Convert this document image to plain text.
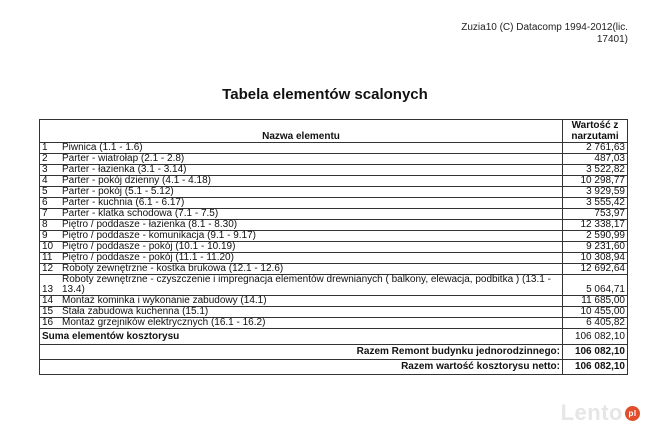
Zuzia10 (C) Datacomp 1994-2012(lic.
17401)
Tabela elementów scalonych
Nazwa elementu		Wartość z
narzutami

1	Piwnica (1.1 - 1.6)	2 761,63
2	Parter - wiatrołap (2.1 - 2.8)	487,03
3	Parter - łazienka (3.1 - 3.14)	3 522,82
4	Parter - pokój dzienny (4.1 - 4.18)	10 298,77
5	Parter - pokój (5.1 - 5.12)	3 929,59
6	Parter - kuchnia (6.1 - 6.17)	3 555,42
7	Parter - klatka schodowa (7.1 - 7.5)	753,97
8	Piętro / poddasze - łazienka (8.1 - 8.30)	12 338,17
9	Piętro / poddasze - komunikacja (9.1 - 9.17)	2 590,99
10	Piętro / poddasze - pokój (10.1 - 10.19)	9 231,60
11	Piętro / poddasze - pokój (11.1 - 11.20)	10 308,94
12	Roboty zewnętrzne - kostka brukowa (12.1 - 12.6)	12 692,64
13	Roboty zewnętrzne - czyszczenie i impregnacja elementów drewnianych ( balkony, elewacja, podbitka ) (13.1 - 13.4)	5 064,71
14	Montaż kominka i wykonanie zabudowy (14.1)	11 685,00
15	Stała zabudowa kuchenna (15.1)	10 455,00
16	Montaż grzejników elektrycznych (16.1 - 16.2)	6 405,82
Suma elementów kosztorysu		106 082,10
Razem Remont budynku jednorodzinnego:		106 082,10
Razem wartość kosztorysu netto:		106 082,10
Lento pl
